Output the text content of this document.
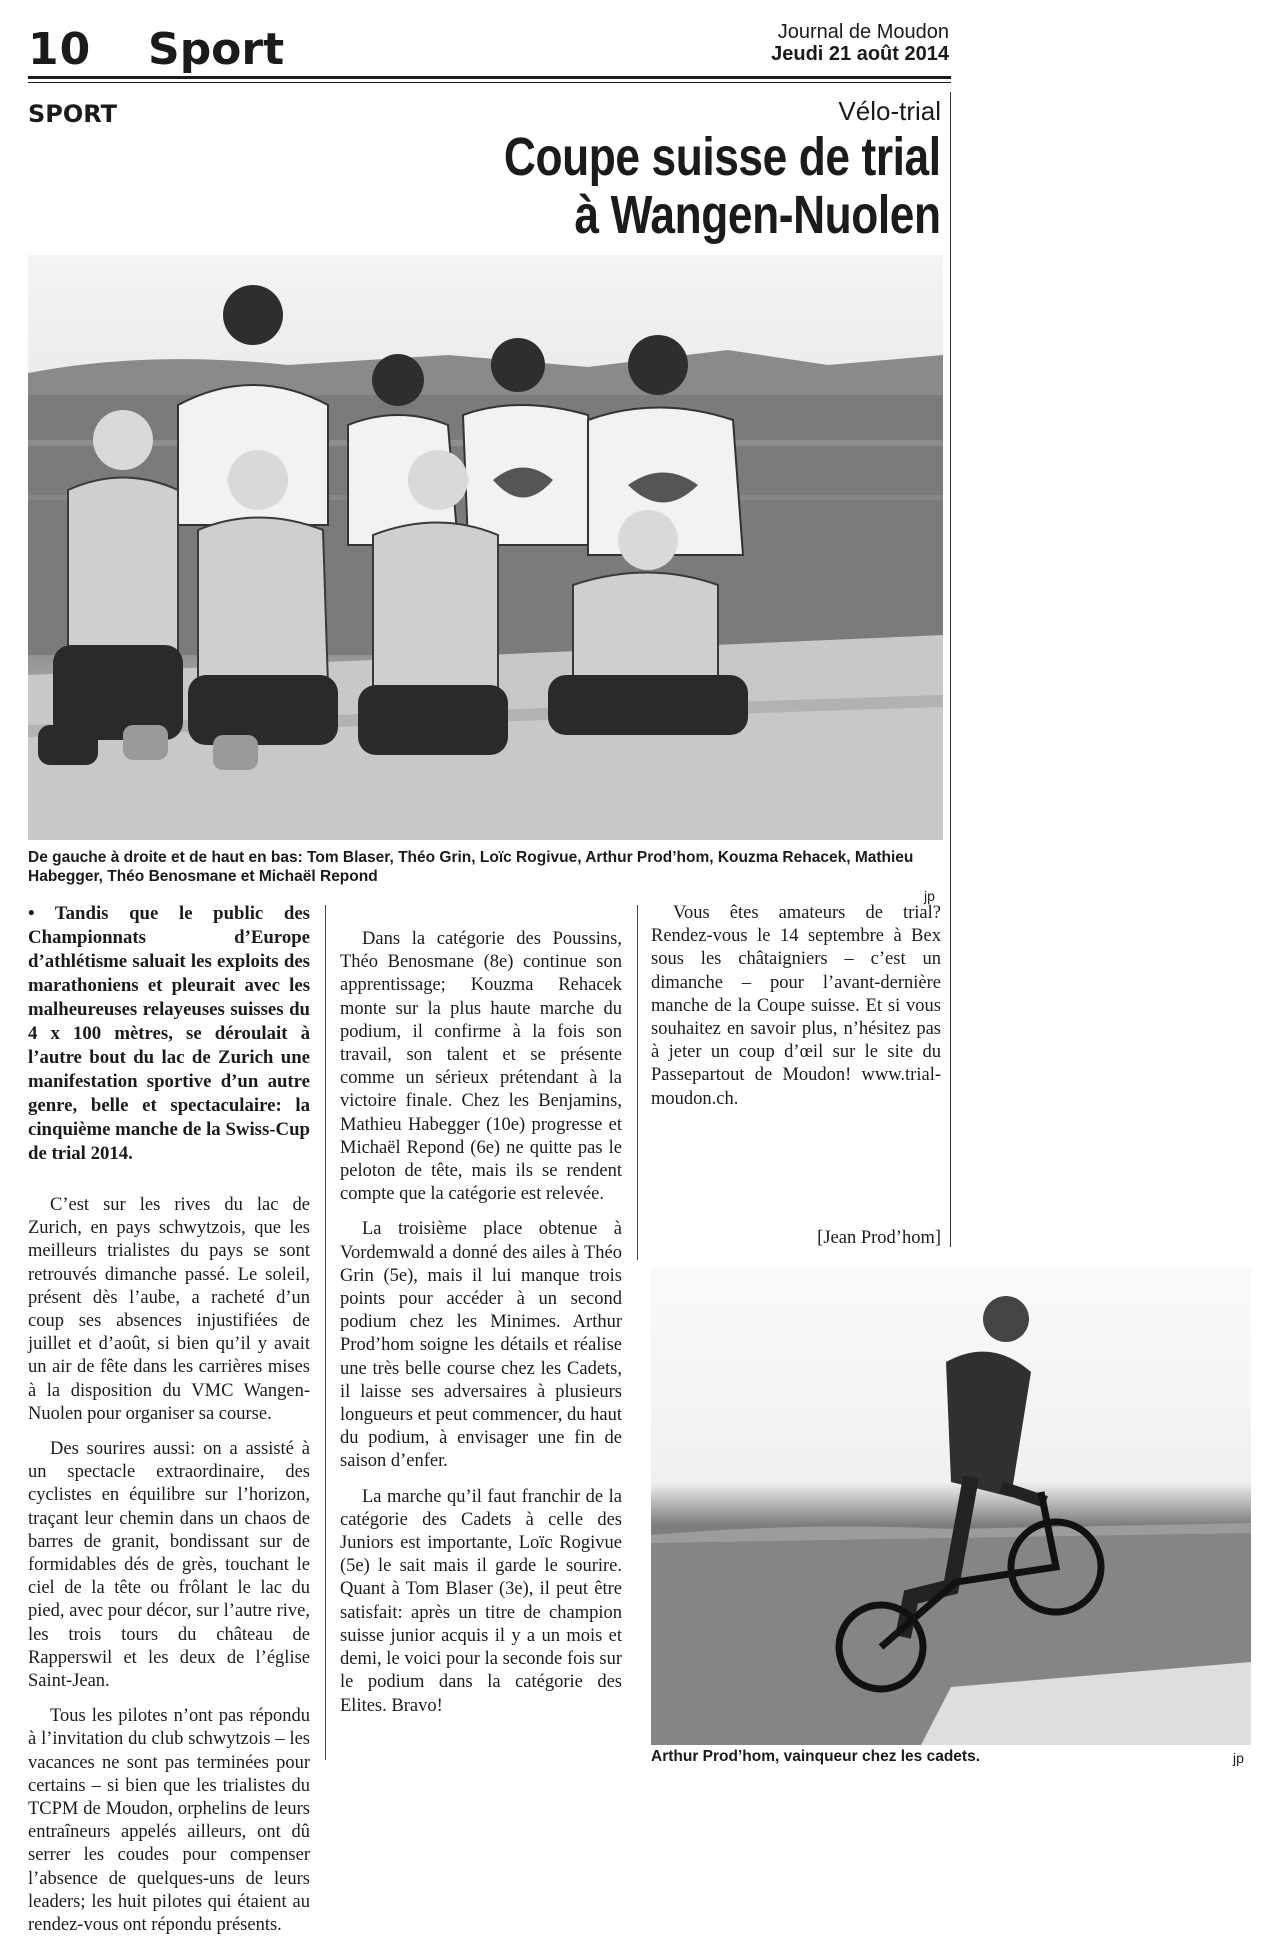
10 Sport	Journal de Moudon
Jeudi 21 août 2014
SPORT	Vélo-trial
Coupe suisse de trial
à Wangen-Nuolen
De gauche à droite et de haut en bas: Tom Blaser, Théo Grin, Loïc Rogivue, Arthur Prod’hom, Kouzma Rehacek, Mathieu Habegger, Théo Benosmane et Michaël Repond
jp

• Tandis que le public des Championnats d’Europe d’athlétisme saluait les exploits des marathoniens et pleurait avec les malheureuses relayeuses suisses du 4 x 100 mètres, se déroulait à l’autre bout du lac de Zurich une manifestation sportive d’un autre genre, belle et spectaculaire: la cinquième manche de la Swiss-Cup de trial 2014.

C’est sur les rives du lac de Zurich, en pays schwytzois, que les meilleurs trialistes du pays se sont retrouvés dimanche passé. Le soleil, présent dès l’aube, a racheté d’un coup ses absences injustifiées de juillet et d’août, si bien qu’il y avait un air de fête dans les carrières mises à la disposition du VMC Wangen-Nuolen pour organiser sa course.

Des sourires aussi: on a assisté à un spectacle extraordinaire, des cyclistes en équilibre sur l’horizon, traçant leur chemin dans un chaos de barres de granit, bondissant sur de formidables dés de grès, touchant le ciel de la tête ou frôlant le lac du pied, avec pour décor, sur l’autre rive, les trois tours du château de Rapperswil et les deux de l’église Saint-Jean.

Tous les pilotes n’ont pas répondu à l’invitation du club schwytzois – les vacances ne sont pas terminées pour certains – si bien que les trialistes du TCPM de Moudon, orphelins de leurs entraîneurs appelés ailleurs, ont dû serrer les coudes pour compenser l’absence de quelques-uns de leurs leaders; les huit pilotes qui étaient au rendez-vous ont répondu présents.

Dans la catégorie des Poussins, Théo Benosmane (8e) continue son apprentissage; Kouzma Rehacek monte sur la plus haute marche du podium, il confirme à la fois son travail, son talent et se présente comme un sérieux prétendant à la victoire finale. Chez les Benjamins, Mathieu Habegger (10e) progresse et Michaël Repond (6e) ne quitte pas le peloton de tête, mais ils se rendent compte que la catégorie est relevée.

La troisième place obtenue à Vordemwald a donné des ailes à Théo Grin (5e), mais il lui manque trois points pour accéder à un second podium chez les Minimes. Arthur Prod’hom soigne les détails et réalise une très belle course chez les Cadets, il laisse ses adversaires à plusieurs longueurs et peut commencer, du haut du podium, à envisager une fin de saison d’enfer.

La marche qu’il faut franchir de la catégorie des Cadets à celle des Juniors est importante, Loïc Rogivue (5e) le sait mais il garde le sourire. Quant à Tom Blaser (3e), il peut être satisfait: après un titre de champion suisse junior acquis il y a un mois et demi, le voici pour la seconde fois sur le podium dans la catégorie des Elites. Bravo!

Vous êtes amateurs de trial? Rendez-vous le 14 septembre à Bex sous les châtaigniers – c’est un dimanche – pour l’avant-dernière manche de la Coupe suisse. Et si vous souhaitez en savoir plus, n’hésitez pas à jeter un coup d’œil sur le site du Passepartout de Moudon! www.trial-moudon.ch.

[Jean Prod’hom]
Arthur Prod’hom, vainqueur chez les cadets.	jp
